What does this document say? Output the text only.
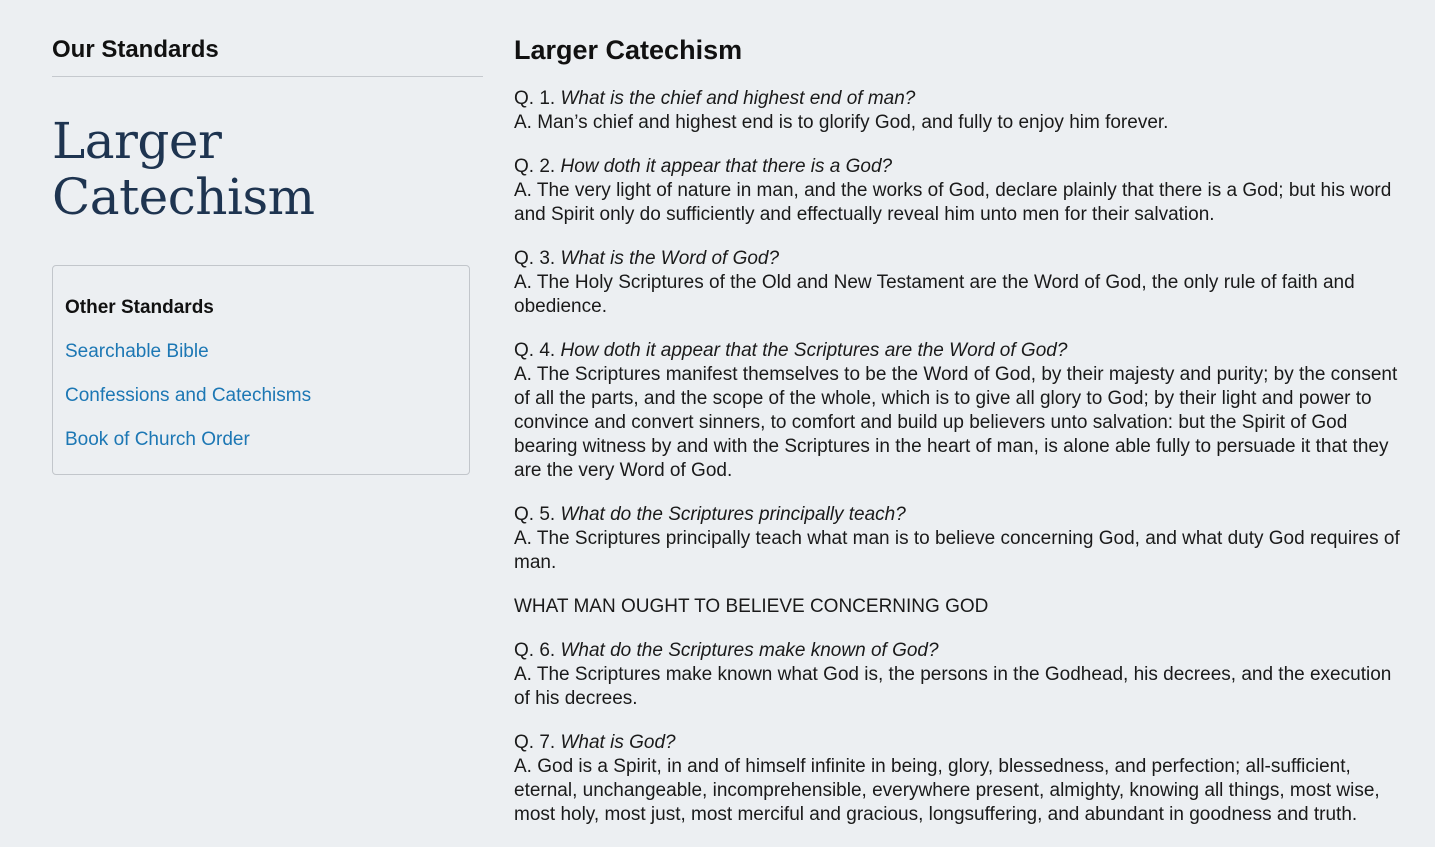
Our Standards
Larger Catechism
Other Standards
Searchable Bible
Confessions and Catechisms
Book of Church Order
Larger Catechism
Q. 1. What is the chief and highest end of man?
A. Man’s chief and highest end is to glorify God, and fully to enjoy him forever.
Q. 2. How doth it appear that there is a God?
A. The very light of nature in man, and the works of God, declare plainly that there is a God; but his word and Spirit only do sufficiently and effectually reveal him unto men for their salvation.
Q. 3. What is the Word of God?
A. The Holy Scriptures of the Old and New Testament are the Word of God, the only rule of faith and obedience.
Q. 4. How doth it appear that the Scriptures are the Word of God?
A. The Scriptures manifest themselves to be the Word of God, by their majesty and purity; by the consent of all the parts, and the scope of the whole, which is to give all glory to God; by their light and power to convince and convert sinners, to comfort and build up believers unto salvation: but the Spirit of God bearing witness by and with the Scriptures in the heart of man, is alone able fully to persuade it that they are the very Word of God.
Q. 5. What do the Scriptures principally teach?
A. The Scriptures principally teach what man is to believe concerning God, and what duty God requires of man.
WHAT MAN OUGHT TO BELIEVE CONCERNING GOD
Q. 6. What do the Scriptures make known of God?
A. The Scriptures make known what God is, the persons in the Godhead, his decrees, and the execution of his decrees.
Q. 7. What is God?
A. God is a Spirit, in and of himself infinite in being, glory, blessedness, and perfection; all-sufficient, eternal, unchangeable, incomprehensible, everywhere present, almighty, knowing all things, most wise, most holy, most just, most merciful and gracious, longsuffering, and abundant in goodness and truth.
